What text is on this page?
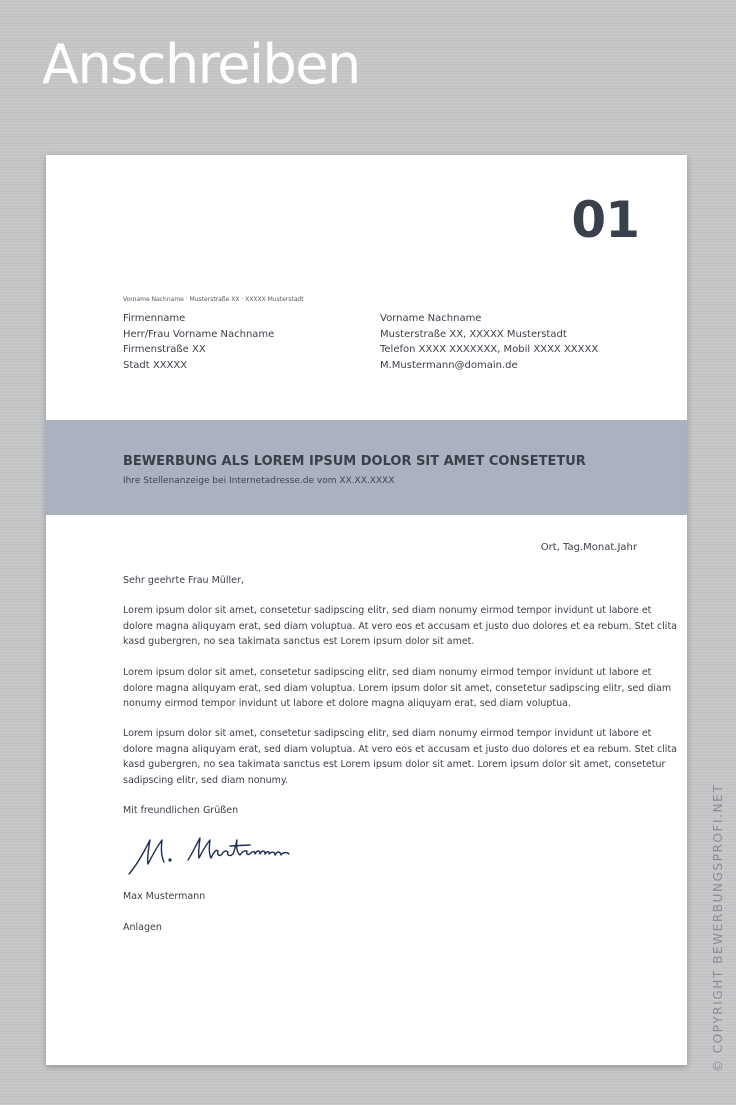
Anschreiben
© COPYRIGHT BEWERBUNGSPROFI.NET
01
Vorname Nachname · Musterstraße XX · XXXXX Musterstadt
Firmenname
Herr/Frau Vorname Nachname
Firmenstraße XX
Stadt XXXXX
Vorname Nachname
Musterstraße XX, XXXXX Musterstadt
Telefon XXXX XXXXXXX, Mobil XXXX XXXXX
M.Mustermann@domain.de
BEWERBUNG ALS LOREM IPSUM DOLOR SIT AMET CONSETETUR
Ihre Stellenanzeige bei Internetadresse.de vom XX.XX.XXXX
Ort, Tag.Monat.Jahr
Sehr geehrte Frau Müller,
Lorem ipsum dolor sit amet, consetetur sadipscing elitr, sed diam nonumy eirmod tempor invidunt ut labore et
dolore magna aliquyam erat, sed diam voluptua. At vero eos et accusam et justo duo dolores et ea rebum. Stet clita
kasd gubergren, no sea takimata sanctus est Lorem ipsum dolor sit amet.
Lorem ipsum dolor sit amet, consetetur sadipscing elitr, sed diam nonumy eirmod tempor invidunt ut labore et
dolore magna aliquyam erat, sed diam voluptua. Lorem ipsum dolor sit amet, consetetur sadipscing elitr, sed diam
nonumy eirmod tempor invidunt ut labore et dolore magna aliquyam erat, sed diam voluptua.
Lorem ipsum dolor sit amet, consetetur sadipscing elitr, sed diam nonumy eirmod tempor invidunt ut labore et
dolore magna aliquyam erat, sed diam voluptua. At vero eos et accusam et justo duo dolores et ea rebum. Stet clita
kasd gubergren, no sea takimata sanctus est Lorem ipsum dolor sit amet. Lorem ipsum dolor sit amet, consetetur
sadipscing elitr, sed diam nonumy.
Mit freundlichen Grüßen
Max Mustermann
Anlagen
